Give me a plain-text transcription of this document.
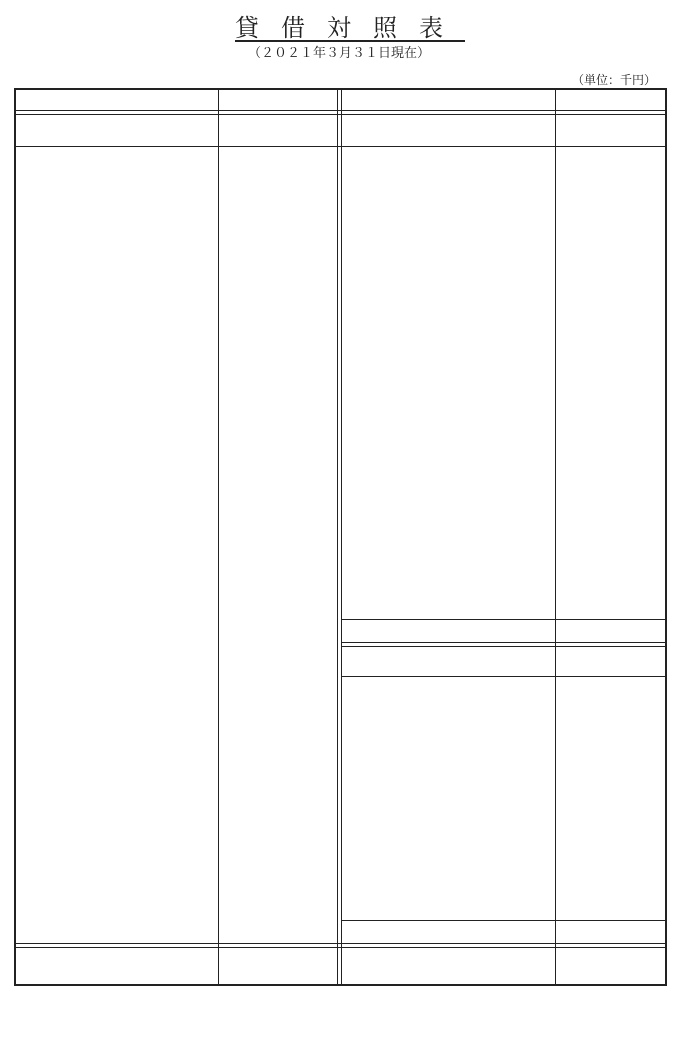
貸借対照表
（２０２１年３月３１日現在）
（単位：千円）
